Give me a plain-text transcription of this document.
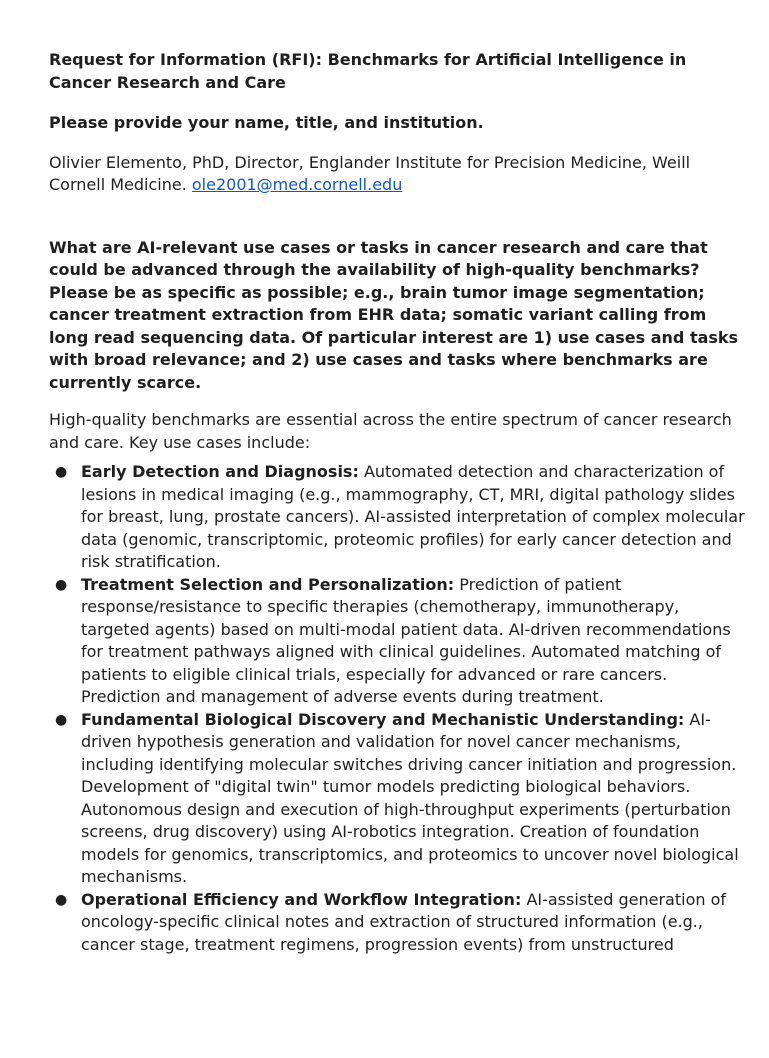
Request for Information (RFI): Benchmarks for Artificial Intelligence in Cancer Research and Care

Please provide your name, title, and institution.

Olivier Elemento, PhD, Director, Englander Institute for Precision Medicine, Weill Cornell Medicine. ole2001@med.cornell.edu

What are AI-relevant use cases or tasks in cancer research and care that could be advanced through the availability of high-quality benchmarks? Please be as specific as possible; e.g., brain tumor image segmentation; cancer treatment extraction from EHR data; somatic variant calling from long read sequencing data. Of particular interest are 1) use cases and tasks with broad relevance; and 2) use cases and tasks where benchmarks are currently scarce.

High-quality benchmarks are essential across the entire spectrum of cancer research and care. Key use cases include:
● Early Detection and Diagnosis: Automated detection and characterization of lesions in medical imaging (e.g., mammography, CT, MRI, digital pathology slides for breast, lung, prostate cancers). AI-assisted interpretation of complex molecular data (genomic, transcriptomic, proteomic profiles) for early cancer detection and risk stratification.
● Treatment Selection and Personalization: Prediction of patient response/resistance to specific therapies (chemotherapy, immunotherapy, targeted agents) based on multi-modal patient data. AI-driven recommendations for treatment pathways aligned with clinical guidelines. Automated matching of patients to eligible clinical trials, especially for advanced or rare cancers. Prediction and management of adverse events during treatment.
● Fundamental Biological Discovery and Mechanistic Understanding: AI-driven hypothesis generation and validation for novel cancer mechanisms, including identifying molecular switches driving cancer initiation and progression. Development of "digital twin" tumor models predicting biological behaviors. Autonomous design and execution of high-throughput experiments (perturbation screens, drug discovery) using AI-robotics integration. Creation of foundation models for genomics, transcriptomics, and proteomics to uncover novel biological mechanisms.
● Operational Efficiency and Workflow Integration: AI-assisted generation of oncology-specific clinical notes and extraction of structured information (e.g., cancer stage, treatment regimens, progression events) from unstructured
